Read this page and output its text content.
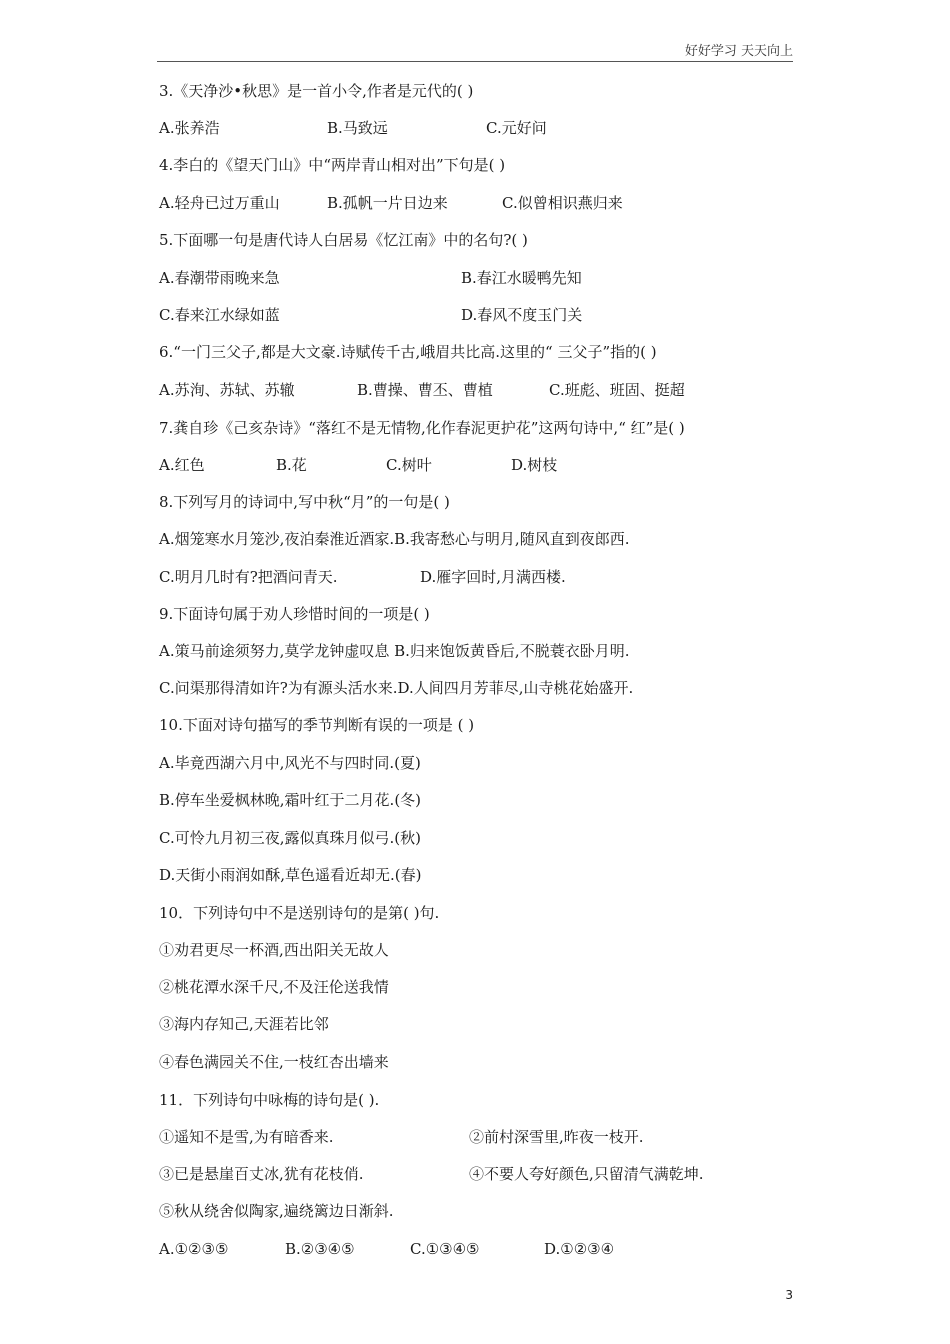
好好学习 天天向上
3.《天净沙•秋思》是一首小令,作者是元代的( )
A.张养浩	B.马致远	C.元好问
4.李白的《望天门山》中“两岸青山相对出”下句是( )
A.轻舟已过万重山	B.孤帆一片日边来	C.似曾相识燕归来
5.下面哪一句是唐代诗人白居易《忆江南》中的名句?( )
A.春潮带雨晚来急	B.春江水暖鸭先知
C.春来江水绿如蓝	D.春风不度玉门关
6.“一门三父子,都是大文豪.诗赋传千古,峨眉共比高.这里的“ 三父子”指的( )
A.苏洵、苏轼、苏辙	B.曹操、曹丕、曹植	C.班彪、班固、挺超
7.龚自珍《己亥杂诗》“落红不是无情物,化作春泥更护花”这两句诗中,“ 红”是( )
A.红色	B.花	C.树叶	D.树枝
8.下列写月的诗词中,写中秋“月”的一句是( )
A.烟笼寒水月笼沙,夜泊秦淮近酒家.B.我寄愁心与明月,随风直到夜郎西.
C.明月几时有?把酒问青天.	D.雁字回时,月满西楼.
9.下面诗句属于劝人珍惜时间的一项是( )
A.策马前途须努力,莫学龙钟虚叹息 B.归来饱饭黄昏后,不脱蓑衣卧月明.
C.问渠那得清如许?为有源头活水来.D.人间四月芳菲尽,山寺桃花始盛开.
10.下面对诗句描写的季节判断有误的一项是 ( )
A.毕竟西湖六月中,风光不与四时同.(夏)
B.停车坐爱枫林晚,霜叶红于二月花.(冬)
C.可怜九月初三夜,露似真珠月似弓.(秋)
D.天街小雨润如酥,草色遥看近却无.(春)
10．下列诗句中不是送别诗句的是第( )句.
①劝君更尽一杯酒,西出阳关无故人
②桃花潭水深千尺,不及汪伦送我情
③海内存知己,天涯若比邻
④春色满园关不住,一枝红杏出墙来
11．下列诗句中咏梅的诗句是( ).
①遥知不是雪,为有暗香来.	②前村深雪里,昨夜一枝开.
③已是悬崖百丈冰,犹有花枝俏.	④不要人夸好颜色,只留清气满乾坤.
⑤秋从绕舍似陶家,遍绕篱边日渐斜.
A.①②③⑤	B.②③④⑤	C.①③④⑤	D.①②③④
3
